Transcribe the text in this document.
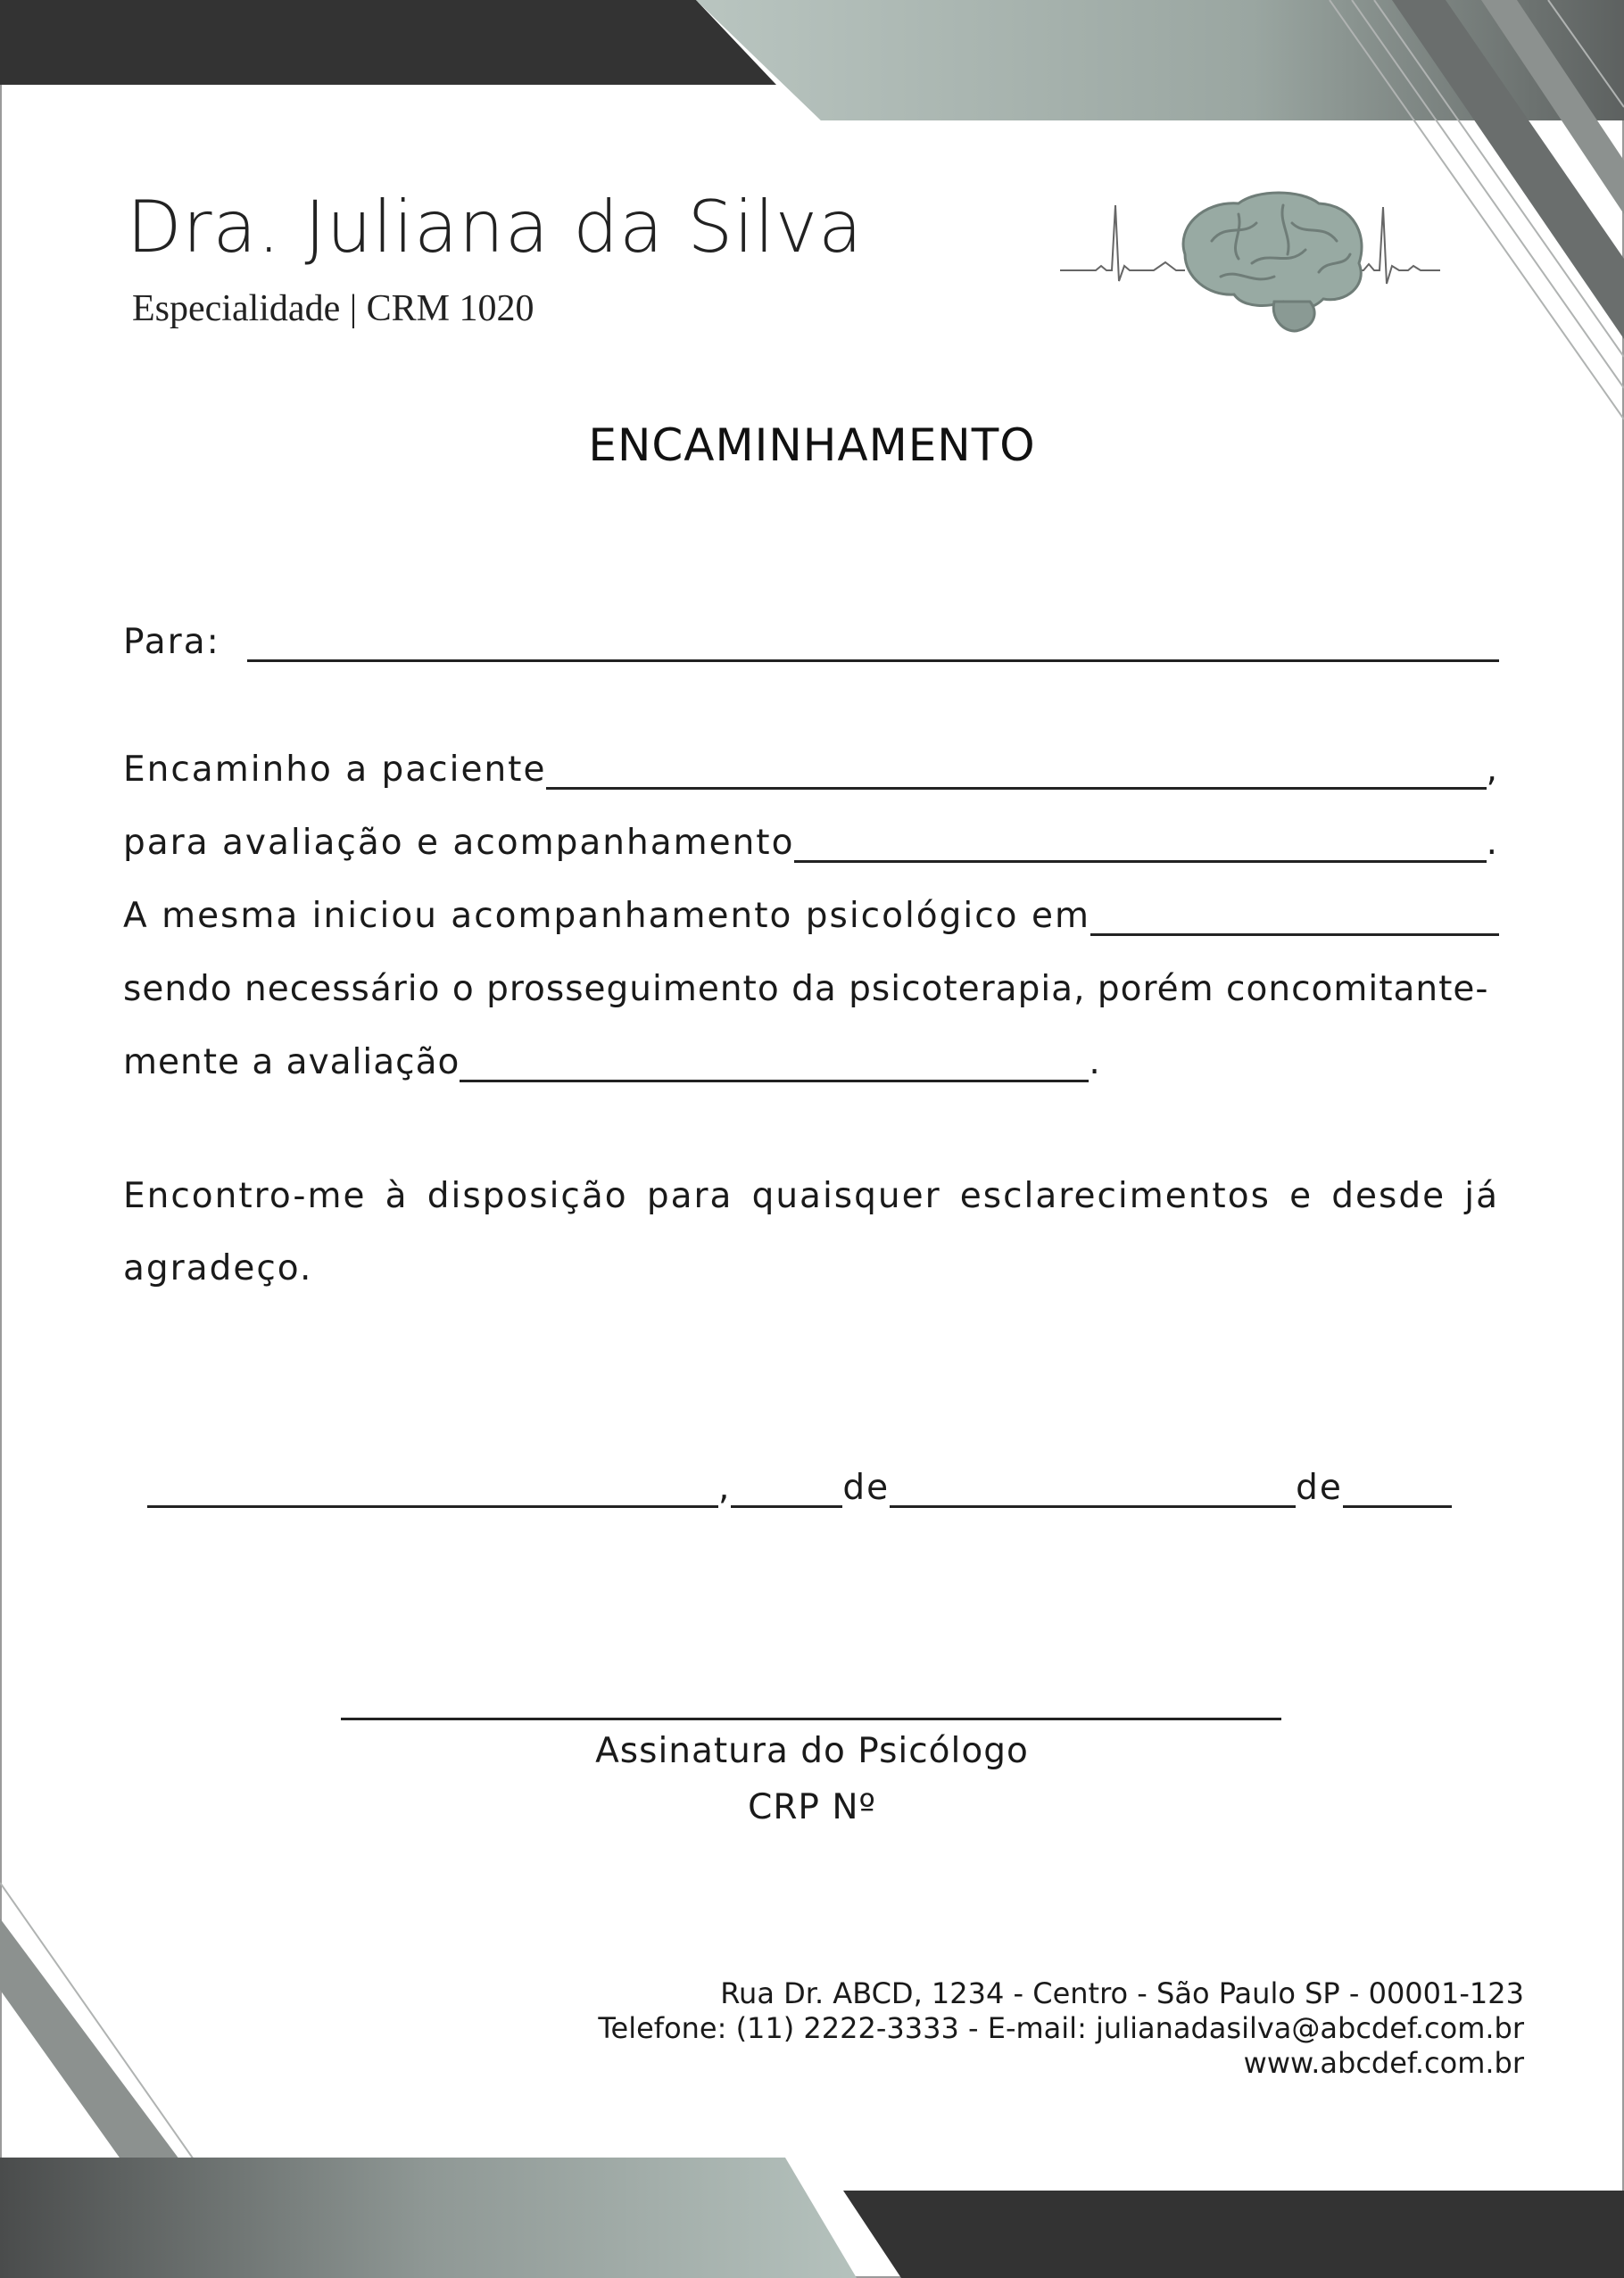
Dra. Juliana da Silva
Especialidade | CRM 1020
ENCAMINHAMENTO
Para:
Encaminho a paciente	,
para avaliação e acompanhamento	.
A mesma iniciou acompanhamento psicológico em
sendo necessário o prosseguimento da psicoterapia, porém concomitante-
mente a avaliação	.
Encontro-me à disposição para quaisquer esclarecimentos e desde já agradeço.
,	de	de
Assinatura do Psicólogo
CRP Nº
Rua Dr. ABCD, 1234 - Centro - São Paulo SP - 00001-123
Telefone: (11) 2222-3333 - E-mail: julianadasilva@abcdef.com.br
www.abcdef.com.br
